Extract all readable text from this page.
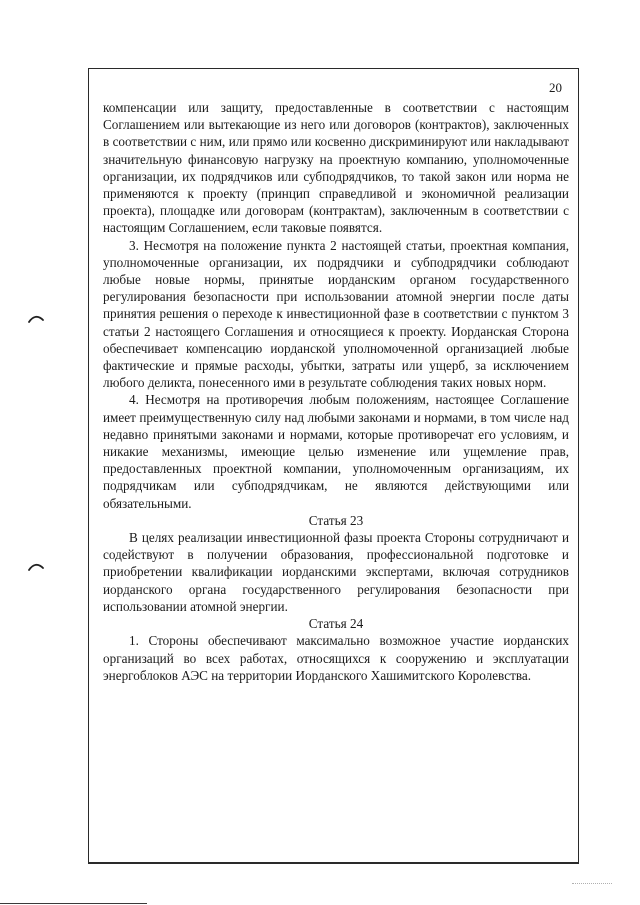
20

компенсации или защиту, предоставленные в соответствии с настоящим Соглашением или вытекающие из него или договоров (контрактов), заключенных в соответствии с ним, или прямо или косвенно дискриминируют или накладывают значительную финансовую нагрузку на проектную компанию, уполномоченные организации, их подрядчиков или субподрядчиков, то такой закон или норма не применяются к проекту (принцип справедливой и экономичной реализации проекта), площадке или договорам (контрактам), заключенным в соответствии с настоящим Соглашением, если таковые появятся.

3. Несмотря на положение пункта 2 настоящей статьи, проектная компания, уполномоченные организации, их подрядчики и субподрядчики соблюдают любые новые нормы, принятые иорданским органом государственного регулирования безопасности при использовании атомной энергии после даты принятия решения о переходе к инвестиционной фазе в соответствии с пунктом 3 статьи 2 настоящего Соглашения и относящиеся к проекту. Иорданская Сторона обеспечивает компенсацию иорданской уполномоченной организацией любые фактические и прямые расходы, убытки, затраты или ущерб, за исключением любого деликта, понесенного ими в результате соблюдения таких новых норм.

4. Несмотря на противоречия любым положениям, настоящее Соглашение имеет преимущественную силу над любыми законами и нормами, в том числе над недавно принятыми законами и нормами, которые противоречат его условиям, и никакие механизмы, имеющие целью изменение или ущемление прав, предоставленных проектной компании, уполномоченным организациям, их подрядчикам или субподрядчикам, не являются действующими или обязательными.

Статья 23

В целях реализации инвестиционной фазы проекта Стороны сотрудничают и содействуют в получении образования, профессиональной подготовке и приобретении квалификации иорданскими экспертами, включая сотрудников иорданского органа государственного регулирования безопасности при использовании атомной энергии.

Статья 24

1. Стороны обеспечивают максимально возможное участие иорданских организаций во всех работах, относящихся к сооружению и эксплуатации энергоблоков АЭС на территории Иорданского Хашимитского Королевства.
